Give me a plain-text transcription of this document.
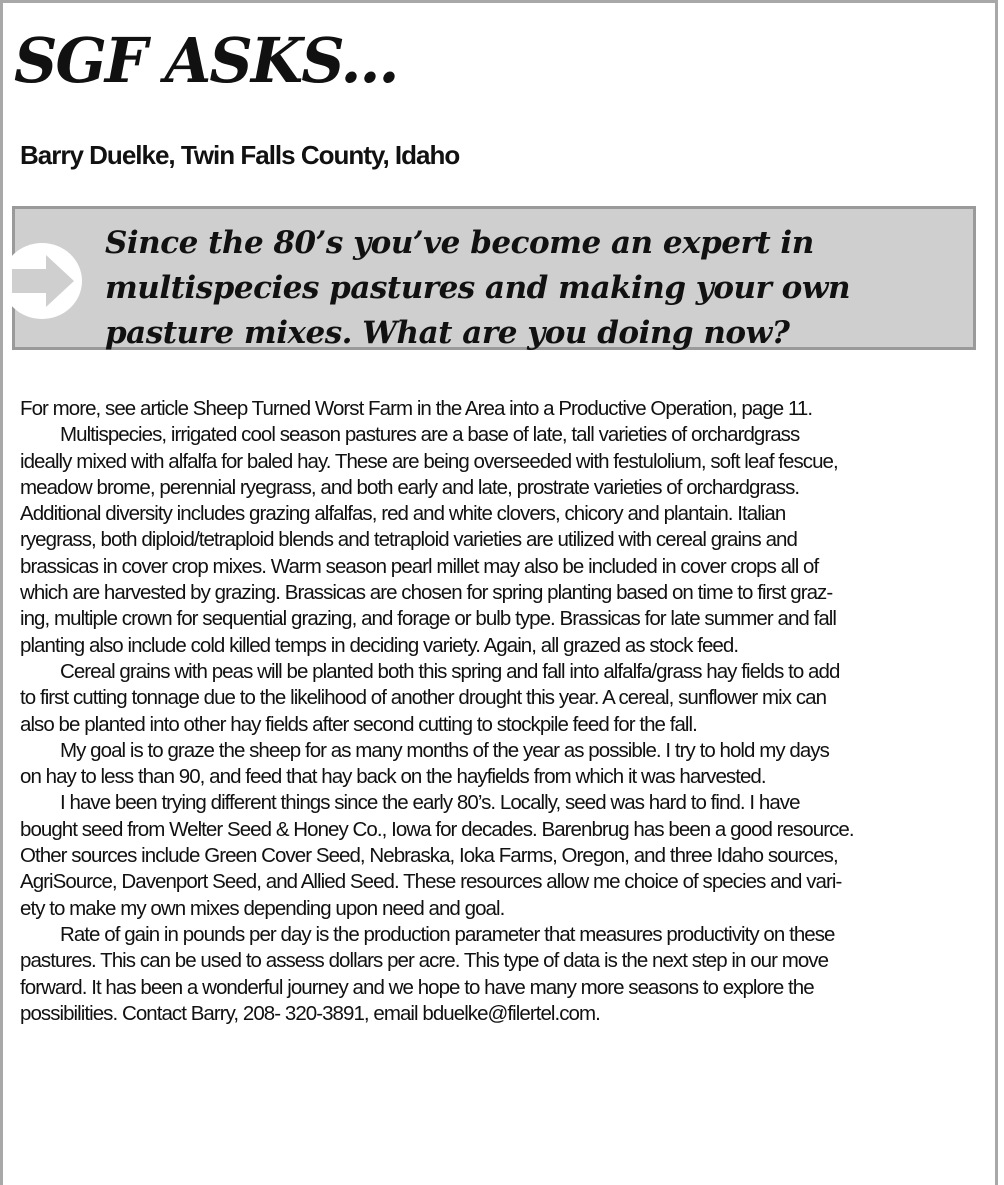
SGF ASKS...
Barry Duelke, Twin Falls County, Idaho
Since the 80’s you’ve become an expert in
multispecies pastures and making your own
pasture mixes. What are you doing now?
For more, see article Sheep Turned Worst Farm in the Area into a Productive Operation, page 11.
Multispecies, irrigated cool season pastures are a base of late, tall varieties of orchardgrass
ideally mixed with alfalfa for baled hay. These are being overseeded with festulolium, soft leaf fescue,
meadow brome, perennial ryegrass, and both early and late, prostrate varieties of orchardgrass.
Additional diversity includes grazing alfalfas, red and white clovers, chicory and plantain. Italian
ryegrass, both diploid/tetraploid blends and tetraploid varieties are utilized with cereal grains and
brassicas in cover crop mixes. Warm season pearl millet may also be included in cover crops all of
which are harvested by grazing. Brassicas are chosen for spring planting based on time to first graz-
ing, multiple crown for sequential grazing, and forage or bulb type. Brassicas for late summer and fall
planting also include cold killed temps in deciding variety. Again, all grazed as stock feed.
Cereal grains with peas will be planted both this spring and fall into alfalfa/grass hay fields to add
to first cutting tonnage due to the likelihood of another drought this year. A cereal, sunflower mix can
also be planted into other hay fields after second cutting to stockpile feed for the fall.
My goal is to graze the sheep for as many months of the year as possible. I try to hold my days
on hay to less than 90, and feed that hay back on the hayfields from which it was harvested.
I have been trying different things since the early 80’s. Locally, seed was hard to find. I have
bought seed from Welter Seed & Honey Co., Iowa for decades. Barenbrug has been a good resource.
Other sources include Green Cover Seed, Nebraska, Ioka Farms, Oregon, and three Idaho sources,
AgriSource, Davenport Seed, and Allied Seed. These resources allow me choice of species and vari-
ety to make my own mixes depending upon need and goal.
Rate of gain in pounds per day is the production parameter that measures productivity on these
pastures. This can be used to assess dollars per acre. This type of data is the next step in our move
forward. It has been a wonderful journey and we hope to have many more seasons to explore the
possibilities. Contact Barry, 208- 320-3891, email bduelke@filertel.com.
